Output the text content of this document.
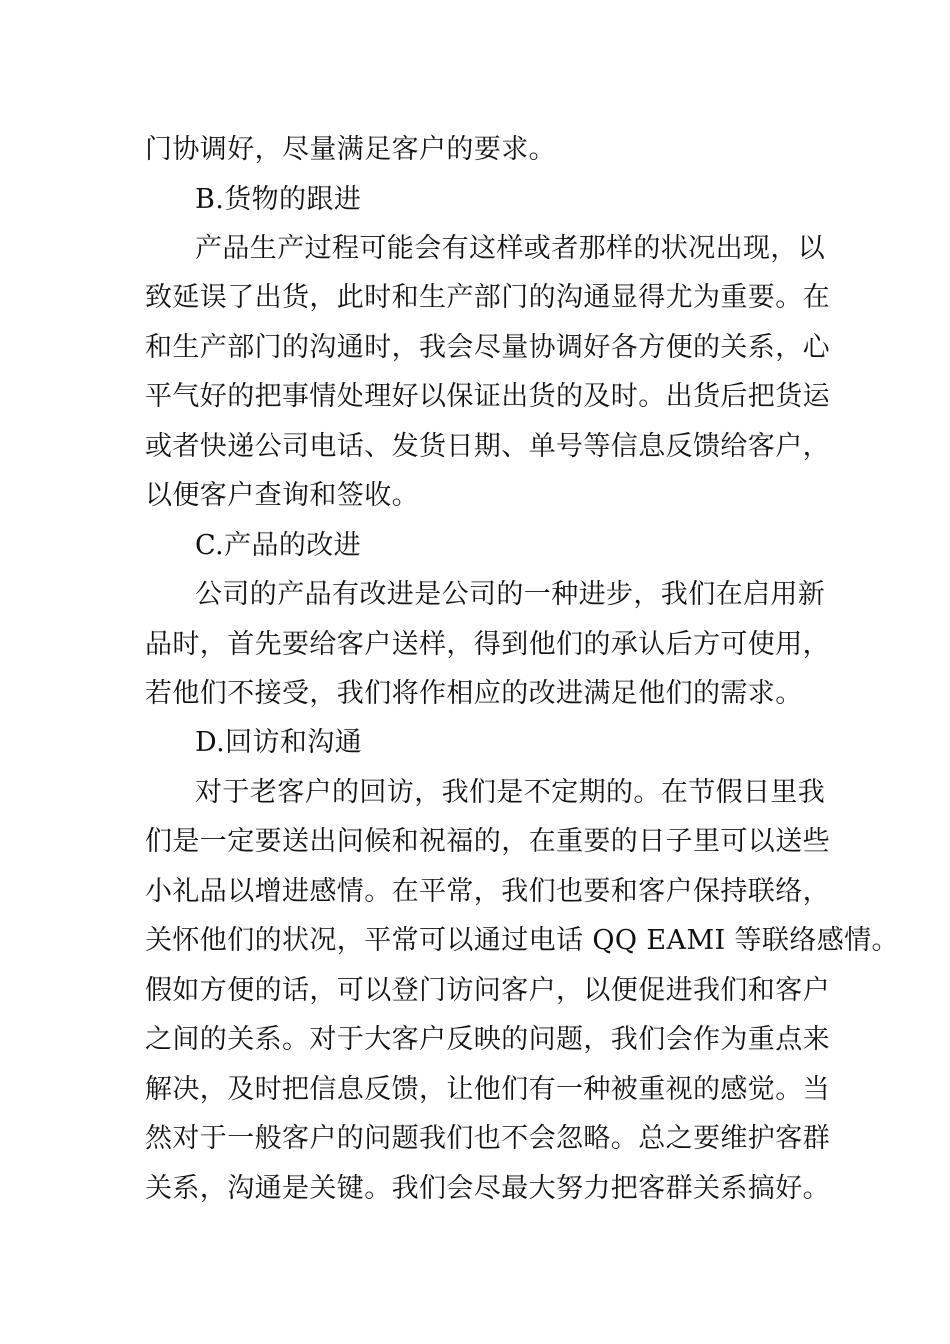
门协调好，尽量满足客户的要求。
B.货物的跟进
产品生产过程可能会有这样或者那样的状况出现，以
致延误了出货，此时和生产部门的沟通显得尤为重要。在
和生产部门的沟通时，我会尽量协调好各方便的关系，心
平气好的把事情处理好以保证出货的及时。出货后把货运
或者快递公司电话、发货日期、单号等信息反馈给客户，
以便客户查询和签收。
C.产品的改进
公司的产品有改进是公司的一种进步，我们在启用新
品时，首先要给客户送样，得到他们的承认后方可使用，
若他们不接受，我们将作相应的改进满足他们的需求。
D.回访和沟通
对于老客户的回访，我们是不定期的。在节假日里我
们是一定要送出问候和祝福的，在重要的日子里可以送些
小礼品以增进感情。在平常，我们也要和客户保持联络，
关怀他们的状况，平常可以通过电话 QQ EAMI 等联络感情。
假如方便的话，可以登门访问客户，以便促进我们和客户
之间的关系。对于大客户反映的问题，我们会作为重点来
解决，及时把信息反馈，让他们有一种被重视的感觉。当
然对于一般客户的问题我们也不会忽略。总之要维护客群
关系，沟通是关键。我们会尽最大努力把客群关系搞好。
